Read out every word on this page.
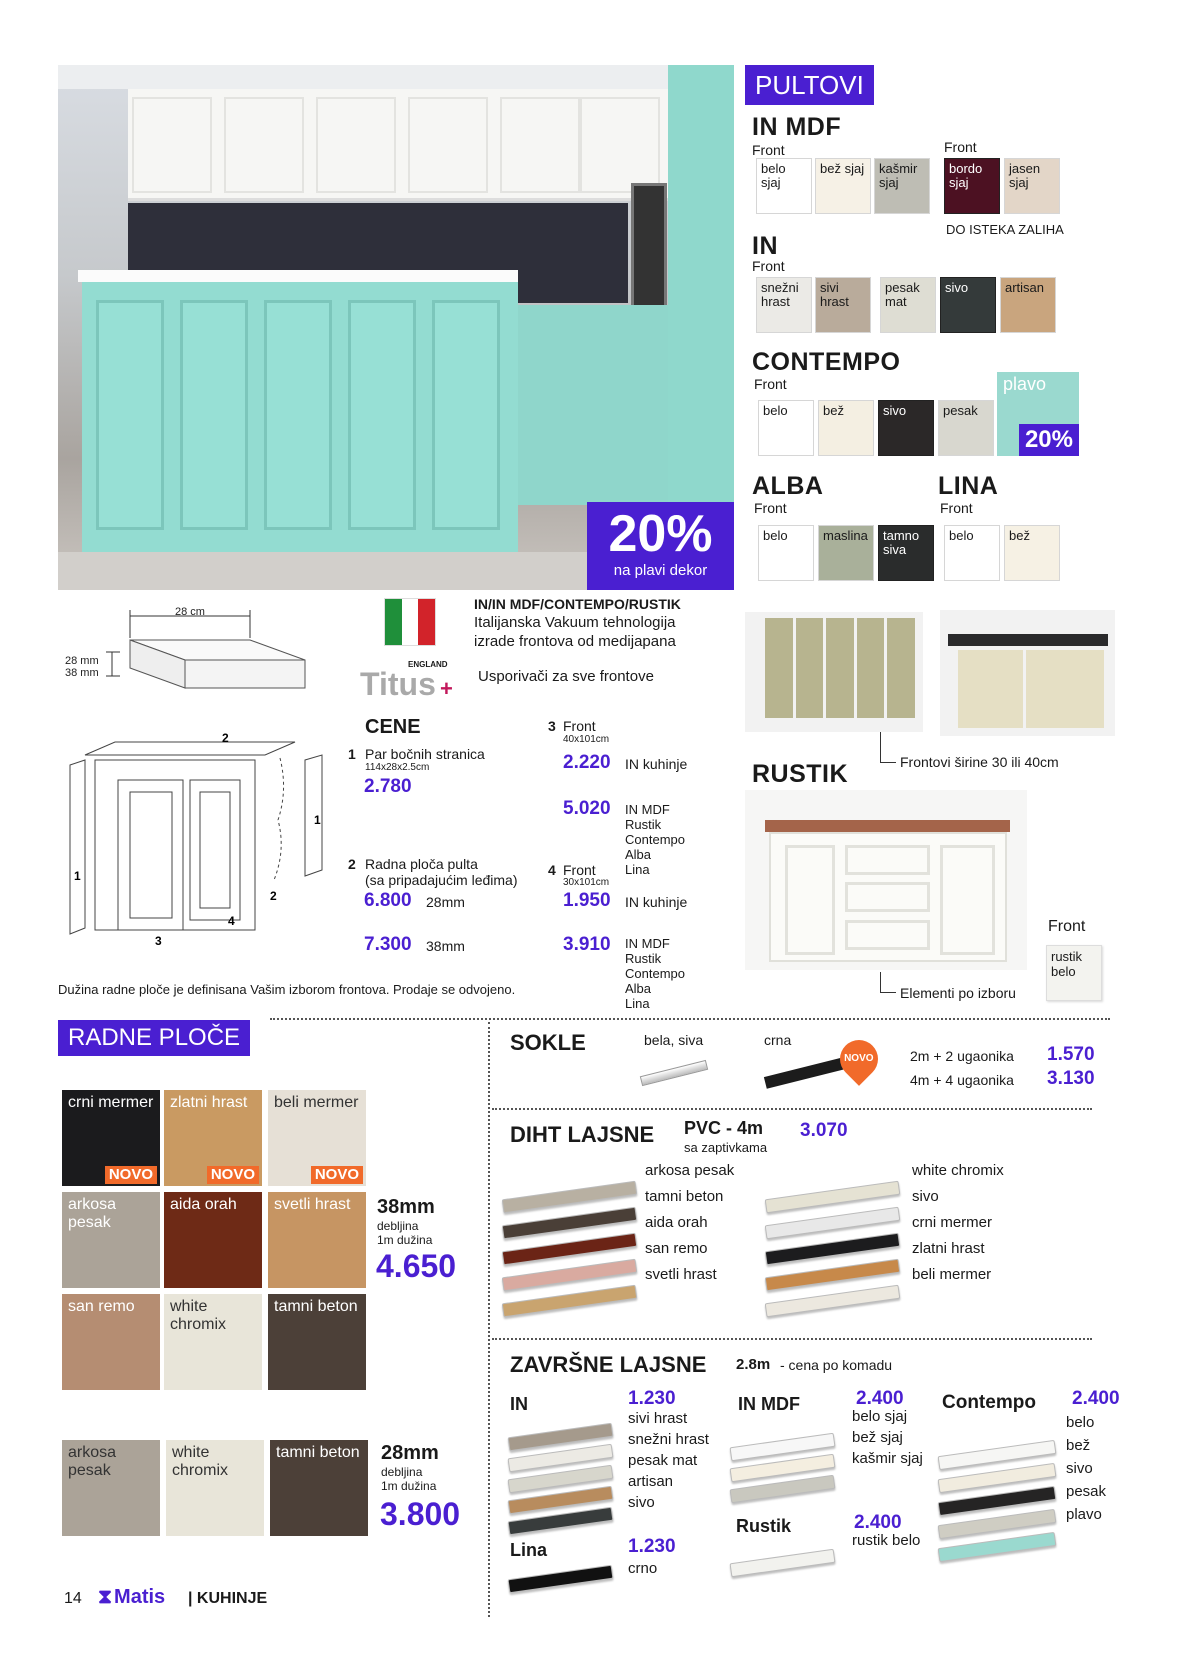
20%
na plavi dekor
PULTOVI
IN MDF
Front	Front
belo sjaj
bež sjaj	kašmir sjaj
bordo sjaj
jasen sjaj
DO ISTEKA ZALIHA
IN
Front
snežni hrast
sivi hrast
pesak mat
sivo	artisan
CONTEMPO
Front
belo	bež	sivo	pesak
plavo
20%
ALBA
Front
belo	maslina	tamno siva
LINA
Front
belo	bež
28 cm
28 mm
38 mm
2
1
1
2
3
4
IN/IN MDF/CONTEMPO/RUSTIK
Italijanska Vakuum tehnologija
izrade frontova od medijapana
ENGLAND
Titus + Usporivači za sve frontove
CENE
1 Par bočnih stranica
114x28x2.5cm
2.780
2 Radna ploča pulta
(sa pripadajućim leđima)
6.800 28mm
7.300 38mm
3 Front
40x101cm
2.220 IN kuhinje
5.020 IN MDF
Rustik
Contempo
Alba
Lina
4 Front
30x101cm
1.950 IN kuhinje
3.910 IN MDF
Rustik
Contempo
Alba
Lina
Dužina radne ploče je definisana Vašim izborom frontova. Prodaje se odvojeno.
Frontovi širine 30 ili 40cm
RUSTIK
Elementi po izboru
Front
rustik belo
RADNE PLOČE
crni mermer
NOVO
zlatni hrast
NOVO
beli mermer
NOVO
arkosa pesak
aida orah	svetli hrast
san remo	white chromix
tamni beton
38mm
debljina
1m dužina
4.650
arkosa pesak
white chromix
tamni beton	28mm
debljina
1m dužina
3.800
SOKLE	bela, siva	crna
NOVO	2m + 2 ugaonika 1.570
4m + 4 ugaonika 3.130
DIHT LAJSNE PVC - 4m
sa zaptivkama
3.070
arkosa pesak
tamni beton
aida orah
san remo
svetli hrast
white chromix
sivo
crni mermer
zlatni hrast
beli mermer
ZAVRŠNE LAJSNE 2.8m - cena po komadu
IN	1.230
Lina	1.230
IN MDF	2.400
Rustik	2.400
Contempo 2.400
sivi hrast
snežni hrast
pesak mat
artisan
sivo
crno
belo sjaj
bež sjaj
kašmir sjaj
rustik belo
belo
bež
sivo
pesak
plavo
14 ⧗ Matis | KUHINJE
